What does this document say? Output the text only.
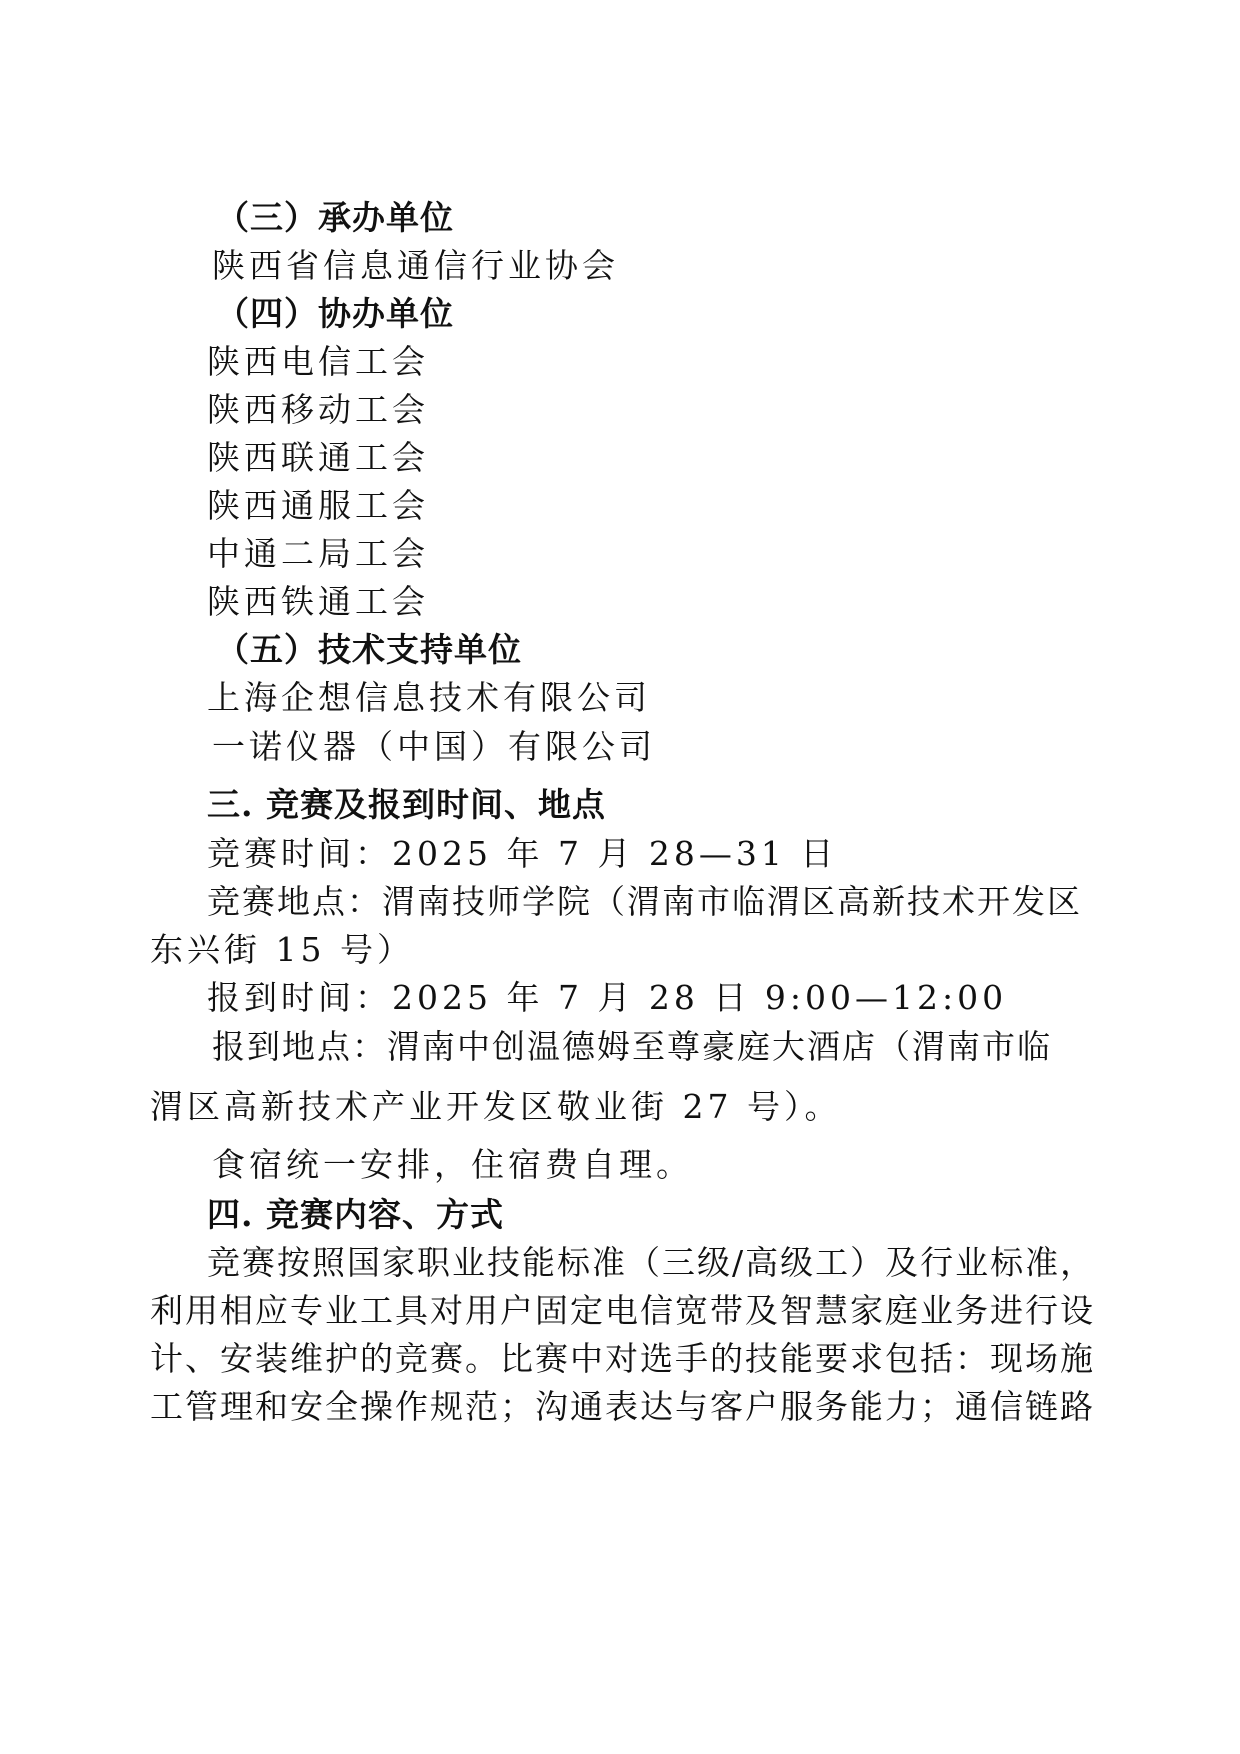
（三）承办单位
陕西省信息通信行业协会
（四）协办单位
陕西电信工会
陕西移动工会
陕西联通工会
陕西通服工会
中通二局工会
陕西铁通工会
（五）技术支持单位
上海企想信息技术有限公司
一诺仪器（中国）有限公司
三. 竞赛及报到时间、地点
竞赛时间：2025 年 7 月 28—31 日
竞赛地点：渭南技师学院（渭南市临渭区高新技术开发区
东兴街 15 号）
报到时间：2025 年 7 月 28 日 9:00—12:00
报到地点：渭南中创温德姆至尊豪庭大酒店（渭南市临
渭区高新技术产业开发区敬业街 27 号）。
食宿统一安排，住宿费自理。
四. 竞赛内容、方式
竞赛按照国家职业技能标准（三级/高级工）及行业标准，
利用相应专业工具对用户固定电信宽带及智慧家庭业务进行设
计、安装维护的竞赛。比赛中对选手的技能要求包括：现场施
工管理和安全操作规范；沟通表达与客户服务能力；通信链路
